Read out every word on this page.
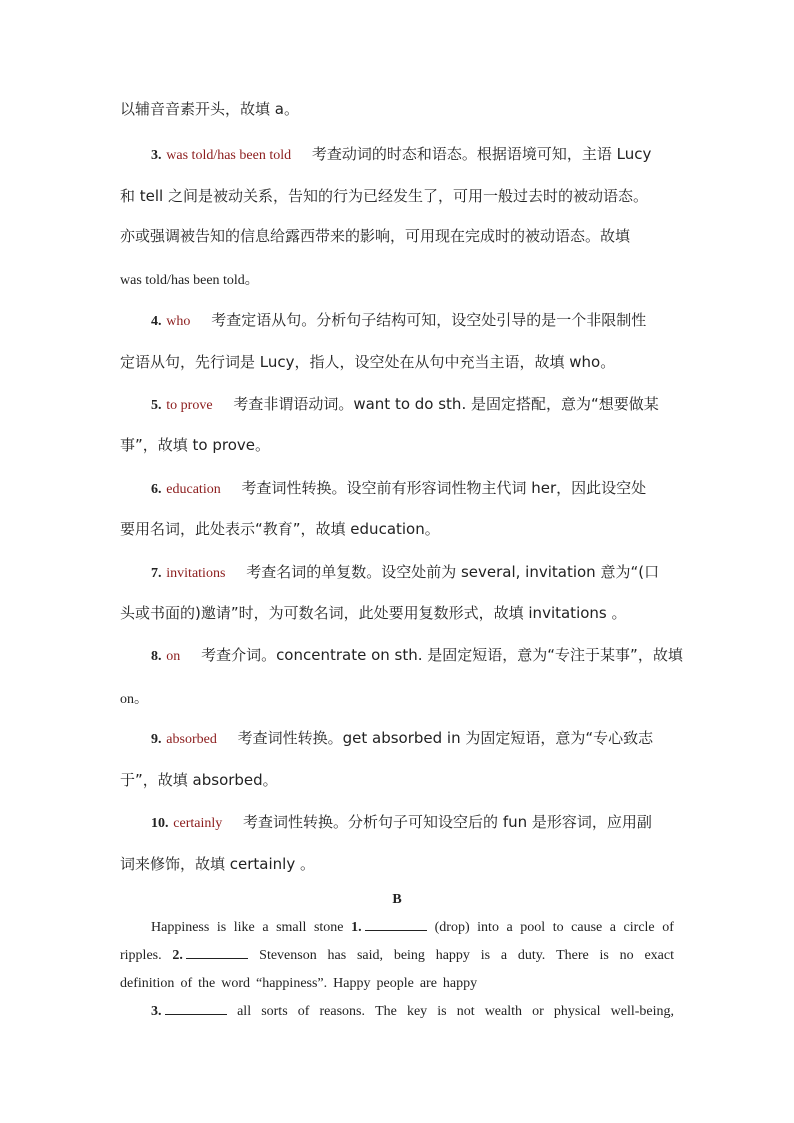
以辅音音素开头，故填 a。
3. was told/has been told 考查动词的时态和语态。根据语境可知，主语 Lucy
和 tell 之间是被动关系，告知的行为已经发生了，可用一般过去时的被动语态。
亦或强调被告知的信息给露西带来的影响，可用现在完成时的被动语态。故填
was told/has been told。
4. who 考查定语从句。分析句子结构可知，设空处引导的是一个非限制性
定语从句，先行词是 Lucy，指人，设空处在从句中充当主语，故填 who。
5. to prove 考查非谓语动词。want to do sth. 是固定搭配，意为“想要做某
事”，故填 to prove。
6. education 考查词性转换。设空前有形容词性物主代词 her，因此设空处
要用名词，此处表示“教育”，故填 education。
7. invitations 考查名词的单复数。设空处前为 several, invitation 意为“(口
头或书面的)邀请”时，为可数名词，此处要用复数形式，故填 invitations 。
8. on 考查介词。concentrate on sth. 是固定短语，意为“专注于某事”，故填
on。
9. absorbed 考查词性转换。get absorbed in 为固定短语，意为“专心致志
于”，故填 absorbed。
10. certainly 考查词性转换。分析句子可知设空后的 fun 是形容词，应用副
词来修饰，故填 certainly 。
B
Happiness is like a small stone 1.	(drop) into a pool to cause a circle of
ripples. 2.	Stevenson has said, being happy is a duty. There is no exact
definition of the word “happiness”. Happy people are happy
3.	all sorts of reasons. The key is not wealth or physical well-being,
